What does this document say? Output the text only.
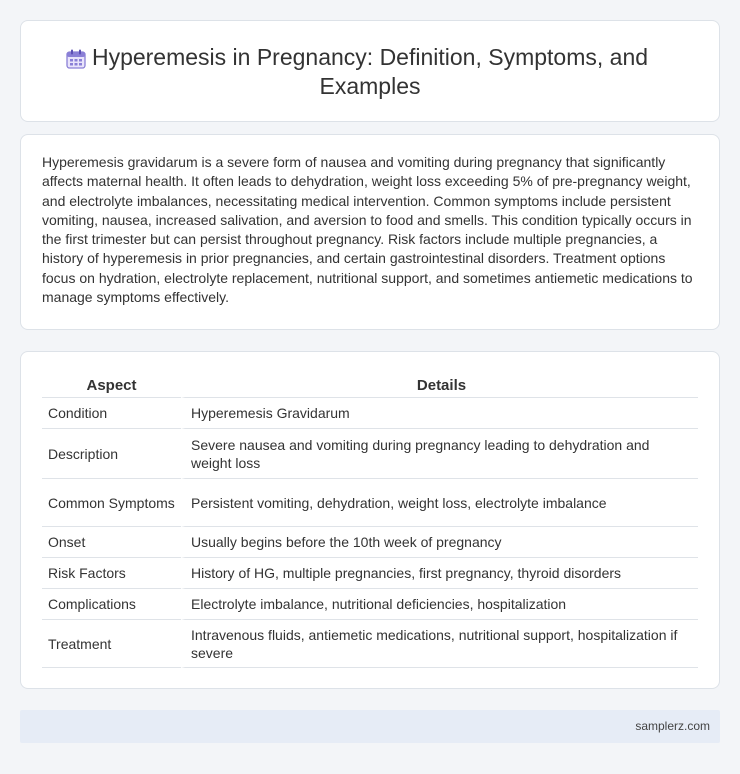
Hyperemesis in Pregnancy: Definition, Symptoms, and Examples

Hyperemesis gravidarum is a severe form of nausea and vomiting during pregnancy that significantly affects maternal health. It often leads to dehydration, weight loss exceeding 5% of pre-pregnancy weight, and electrolyte imbalances, necessitating medical intervention. Common symptoms include persistent vomiting, nausea, increased salivation, and aversion to food and smells. This condition typically occurs in the first trimester but can persist throughout pregnancy. Risk factors include multiple pregnancies, a history of hyperemesis in prior pregnancies, and certain gastrointestinal disorders. Treatment options focus on hydration, electrolyte replacement, nutritional support, and sometimes antiemetic medications to manage symptoms effectively.

Aspect	Details
Condition	Hyperemesis Gravidarum
Description	Severe nausea and vomiting during pregnancy leading to dehydration and weight loss
Common Symptoms	Persistent vomiting, dehydration, weight loss, electrolyte imbalance
Onset	Usually begins before the 10th week of pregnancy
Risk Factors	History of HG, multiple pregnancies, first pregnancy, thyroid disorders
Complications	Electrolyte imbalance, nutritional deficiencies, hospitalization
Treatment	Intravenous fluids, antiemetic medications, nutritional support, hospitalization if severe
samplerz.com
